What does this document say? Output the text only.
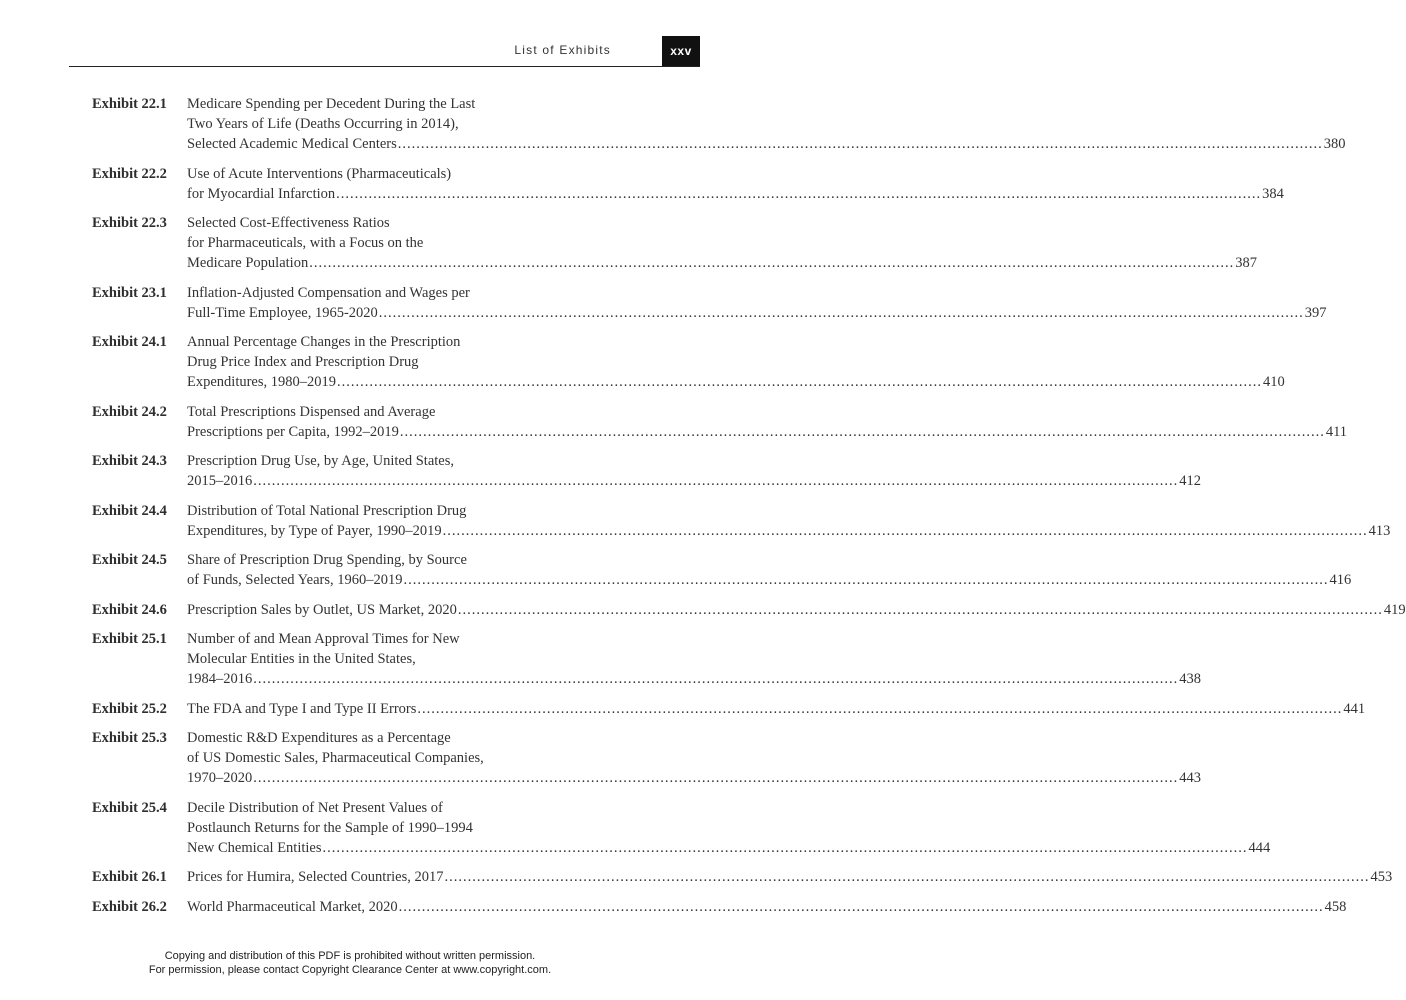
List of Exhibits	xxv
Exhibit 22.1	Medicare Spending per Decedent During the Last
Two Years of Life (Deaths Occurring in 2014),
Selected Academic Medical Centers ........................................................................................................................................................................................................ 380
Exhibit 22.2	Use of Acute Interventions (Pharmaceuticals)
for Myocardial Infarction ........................................................................................................................................................................................................ 384
Exhibit 22.3	Selected Cost-Effectiveness Ratios
for Pharmaceuticals, with a Focus on the
Medicare Population ........................................................................................................................................................................................................ 387
Exhibit 23.1	Inflation-Adjusted Compensation and Wages per
Full-Time Employee, 1965-2020 ........................................................................................................................................................................................................ 397
Exhibit 24.1	Annual Percentage Changes in the Prescription
Drug Price Index and Prescription Drug
Expenditures, 1980–2019 ........................................................................................................................................................................................................ 410
Exhibit 24.2	Total Prescriptions Dispensed and Average
Prescriptions per Capita, 1992–2019 ........................................................................................................................................................................................................ 411
Exhibit 24.3	Prescription Drug Use, by Age, United States,
2015–2016 ........................................................................................................................................................................................................ 412
Exhibit 24.4	Distribution of Total National Prescription Drug
Expenditures, by Type of Payer, 1990–2019 ........................................................................................................................................................................................................ 413
Exhibit 24.5	Share of Prescription Drug Spending, by Source
of Funds, Selected Years, 1960–2019 ........................................................................................................................................................................................................ 416
Exhibit 24.6	Prescription Sales by Outlet, US Market, 2020 ........................................................................................................................................................................................................ 419
Exhibit 25.1	Number of and Mean Approval Times for New
Molecular Entities in the United States,
1984–2016 ........................................................................................................................................................................................................ 438
Exhibit 25.2	The FDA and Type I and Type II Errors ........................................................................................................................................................................................................ 441
Exhibit 25.3	Domestic R&D Expenditures as a Percentage
of US Domestic Sales, Pharmaceutical Companies,
1970–2020 ........................................................................................................................................................................................................ 443
Exhibit 25.4	Decile Distribution of Net Present Values of
Postlaunch Returns for the Sample of 1990–1994
New Chemical Entities ........................................................................................................................................................................................................ 444
Exhibit 26.1	Prices for Humira, Selected Countries, 2017 ........................................................................................................................................................................................................ 453
Exhibit 26.2	World Pharmaceutical Market, 2020 ........................................................................................................................................................................................................ 458
Copying and distribution of this PDF is prohibited without written permission.
For permission, please contact Copyright Clearance Center at www.copyright.com.
